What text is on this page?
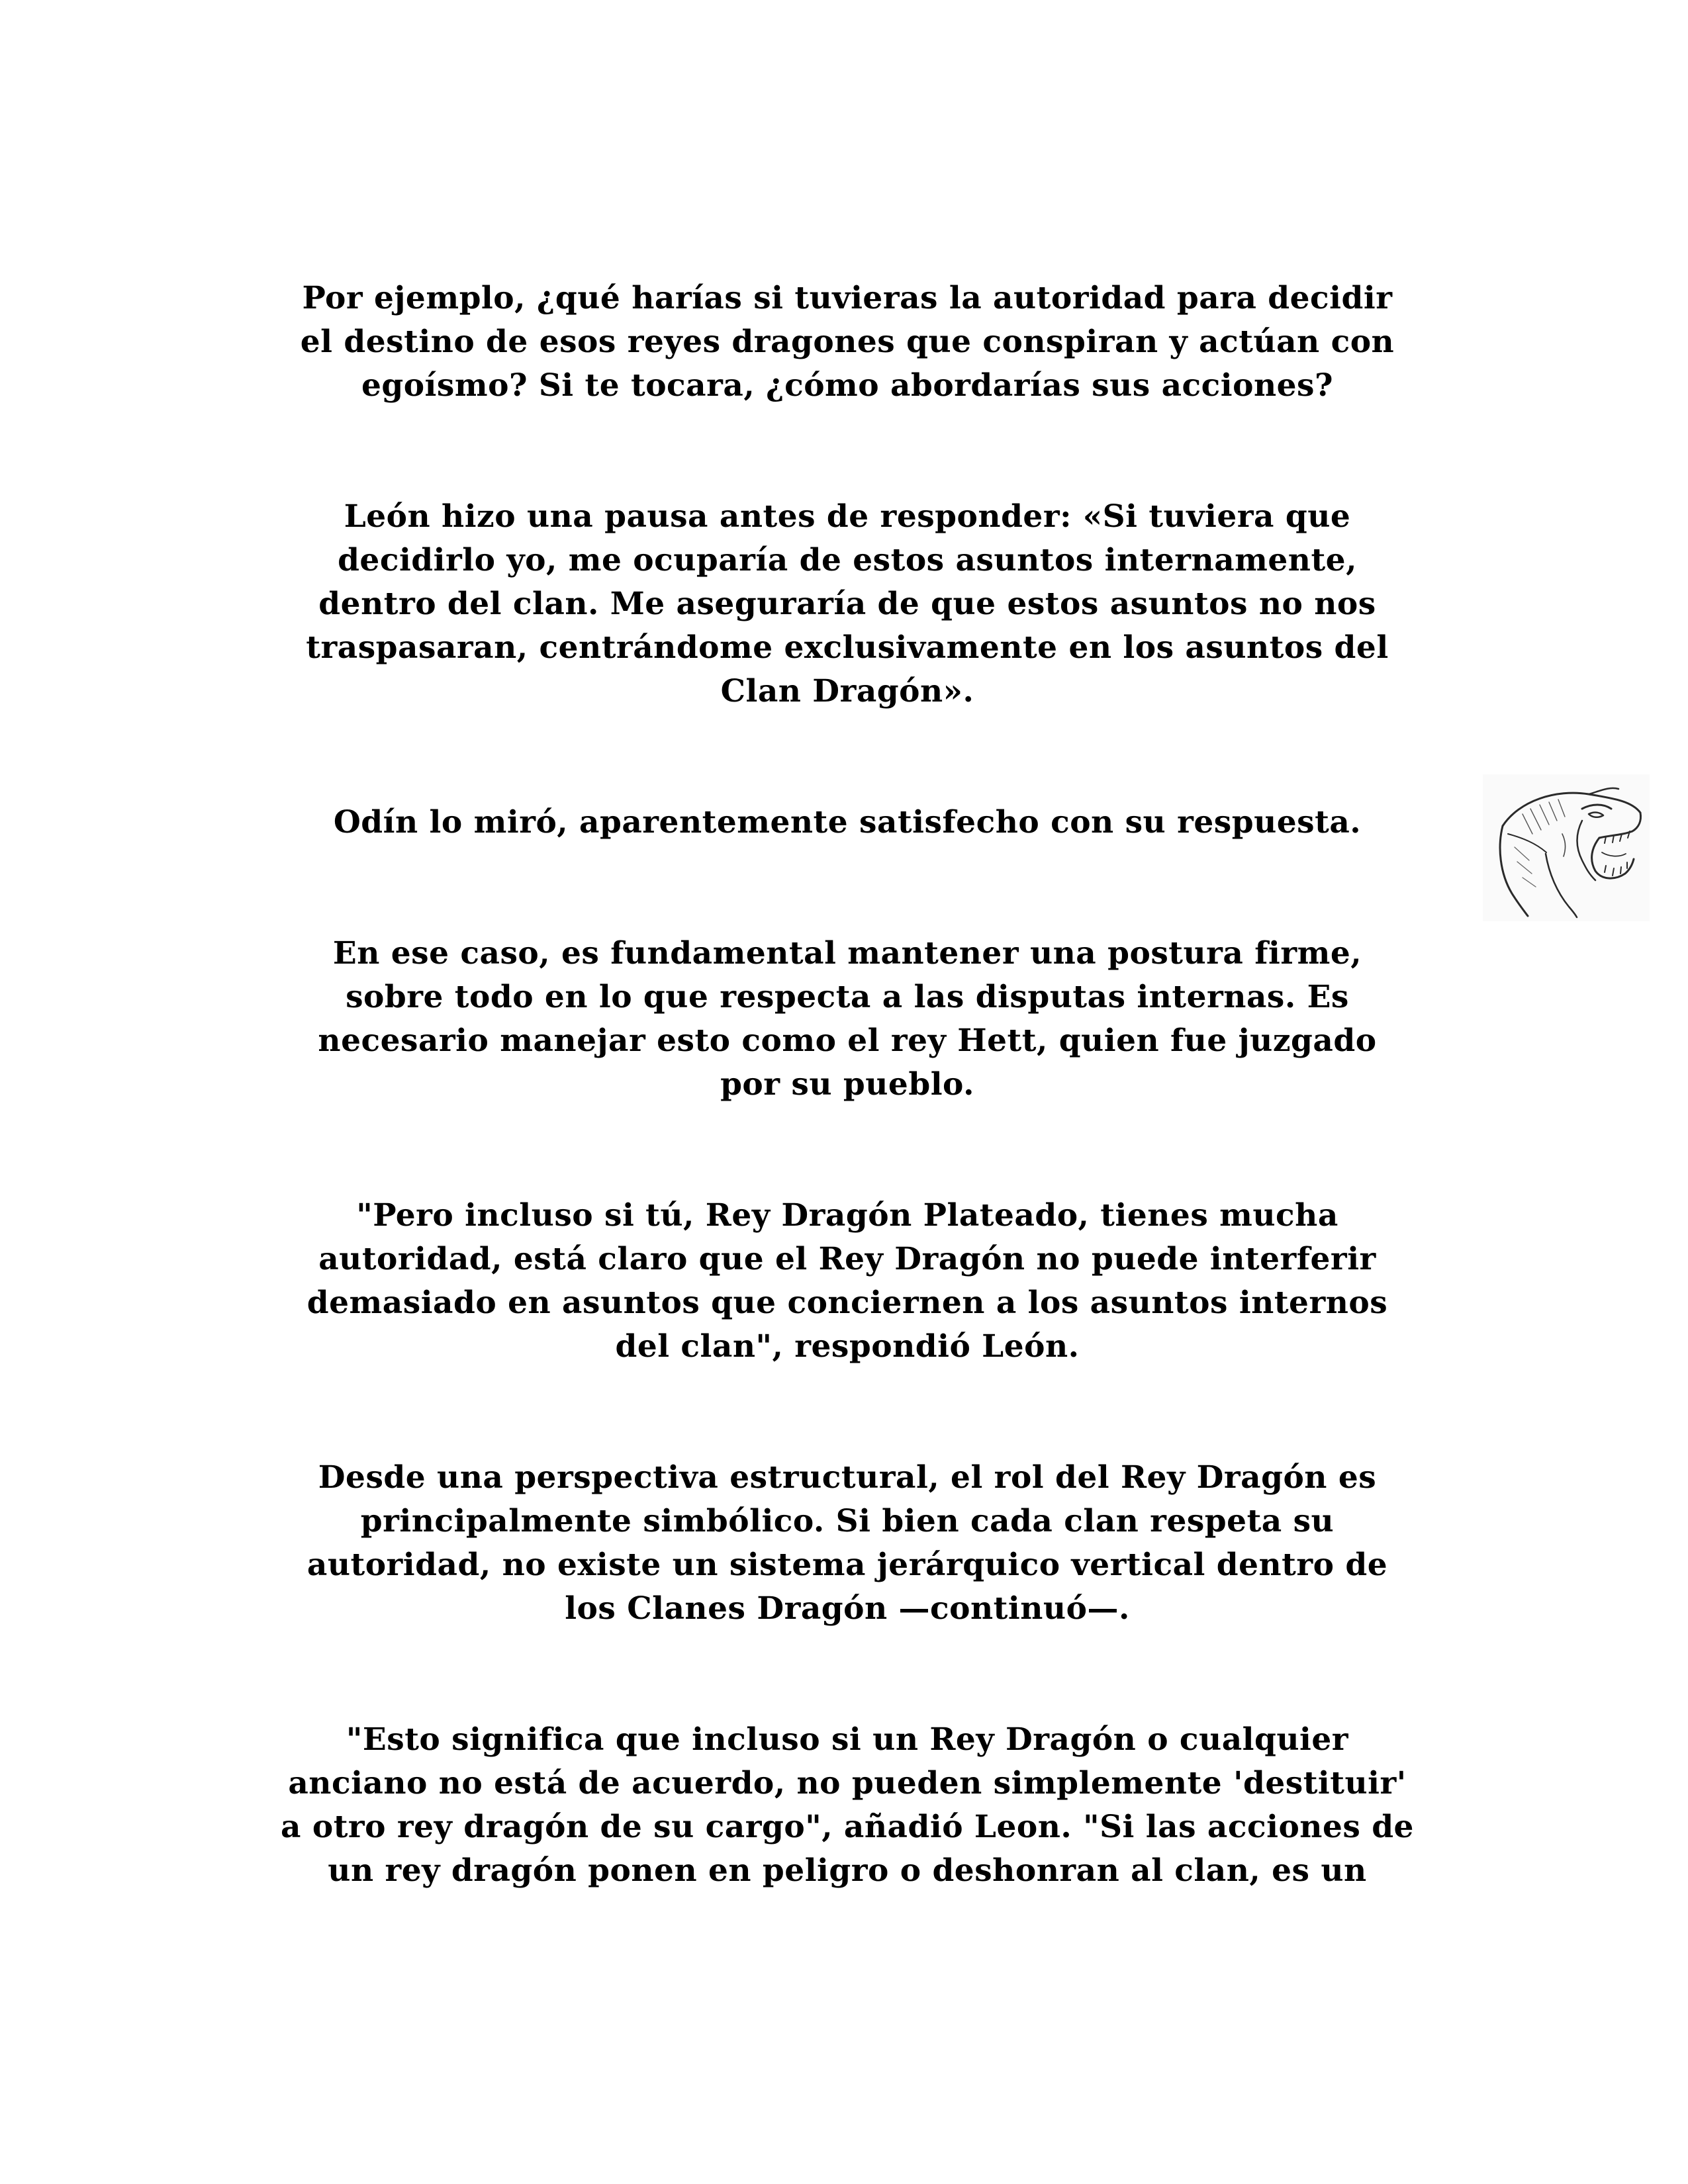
Por ejemplo, ¿qué harías si tuvieras la autoridad para decidir
el destino de esos reyes dragones que conspiran y actúan con
egoísmo? Si te tocara, ¿cómo abordarías sus acciones?

León hizo una pausa antes de responder: «Si tuviera que
decidirlo yo, me ocuparía de estos asuntos internamente,
dentro del clan. Me aseguraría de que estos asuntos no nos
traspasaran, centrándome exclusivamente en los asuntos del
Clan Dragón».

Odín lo miró, aparentemente satisfecho con su respuesta.

En ese caso, es fundamental mantener una postura firme,
sobre todo en lo que respecta a las disputas internas. Es
necesario manejar esto como el rey Hett, quien fue juzgado
por su pueblo.

"Pero incluso si tú, Rey Dragón Plateado, tienes mucha
autoridad, está claro que el Rey Dragón no puede interferir
demasiado en asuntos que conciernen a los asuntos internos
del clan", respondió León.

Desde una perspectiva estructural, el rol del Rey Dragón es
principalmente simbólico. Si bien cada clan respeta su
autoridad, no existe un sistema jerárquico vertical dentro de
los Clanes Dragón —continuó—.

"Esto significa que incluso si un Rey Dragón o cualquier
anciano no está de acuerdo, no pueden simplemente 'destituir'
a otro rey dragón de su cargo", añadió Leon. "Si las acciones de
un rey dragón ponen en peligro o deshonran al clan, es un
